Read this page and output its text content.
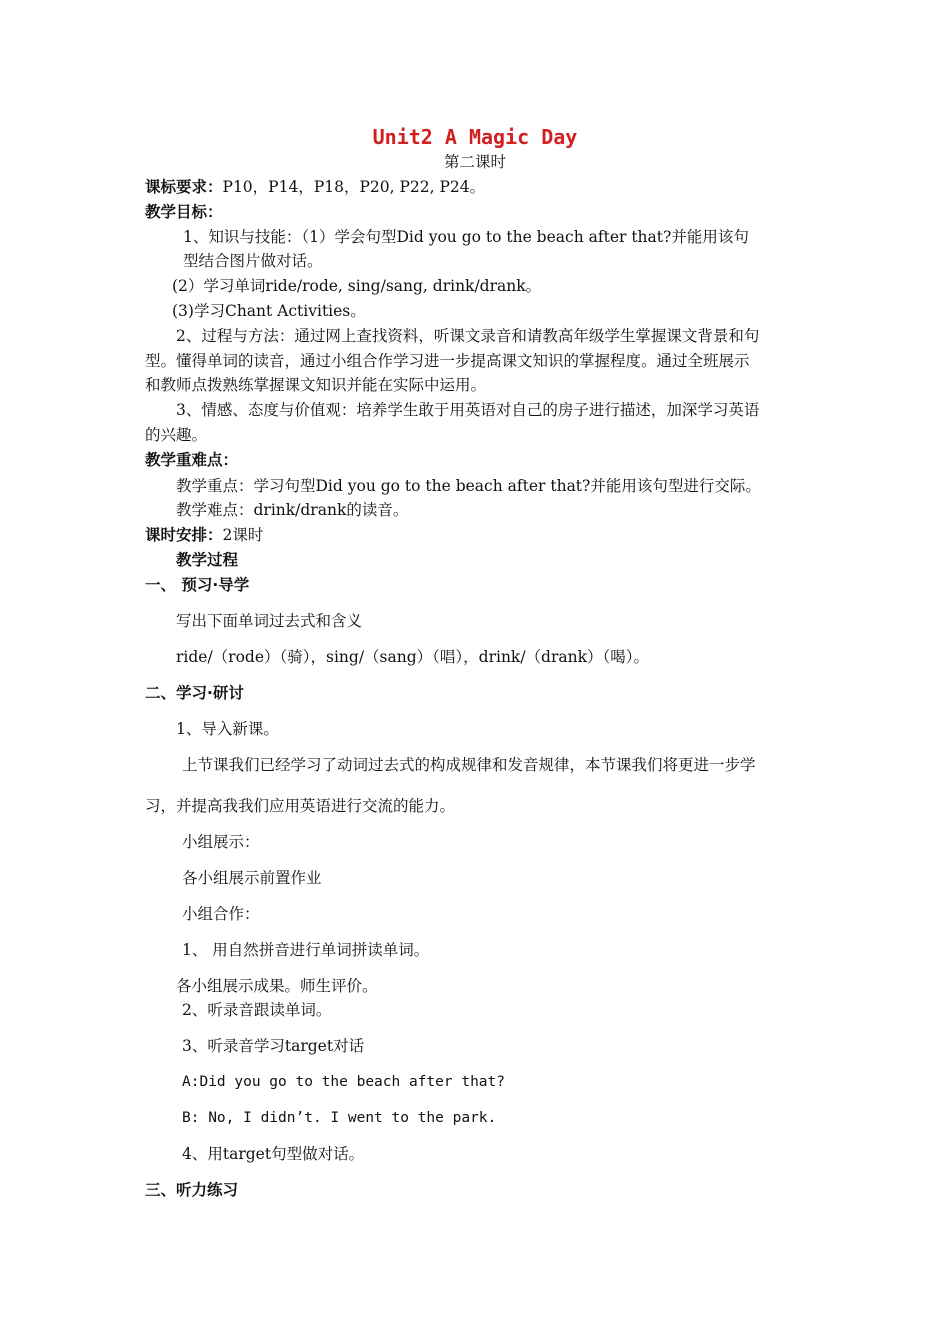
Unit2 A Magic Day
第二课时
课标要求：P10，P14，P18，P20, P22, P24。
教学目标：
1、知识与技能：（1）学会句型Did you go to the beach after that?并能用该句
型结合图片做对话。
(2）学习单词ride/rode, sing/sang, drink/drank。
(3)学习Chant Activities。
2、过程与方法：通过网上查找资料，听课文录音和请教高年级学生掌握课文背景和句
型。懂得单词的读音，通过小组合作学习进一步提高课文知识的掌握程度。通过全班展示
和教师点拨熟练掌握课文知识并能在实际中运用。
3、情感、态度与价值观：培养学生敢于用英语对自己的房子进行描述，加深学习英语
的兴趣。
教学重难点：
教学重点：学习句型Did you go to the beach after that?并能用该句型进行交际。
教学难点：drink/drank的读音。
课时安排：2课时
教学过程
一、 预习·导学
写出下面单词过去式和含义
ride/（rode）（骑），sing/（sang）（唱），drink/（drank）（喝）。
二、学习·研讨
1、导入新课。
上节课我们已经学习了动词过去式的构成规律和发音规律，本节课我们将更进一步学
习，并提高我我们应用英语进行交流的能力。
小组展示：
各小组展示前置作业
小组合作：
1、 用自然拼音进行单词拼读单词。
各小组展示成果。师生评价。
2、听录音跟读单词。
3、听录音学习target对话
A:Did you go to the beach after that?
B: No, I didn’t. I went to the park.
4、用target句型做对话。
三、听力练习
